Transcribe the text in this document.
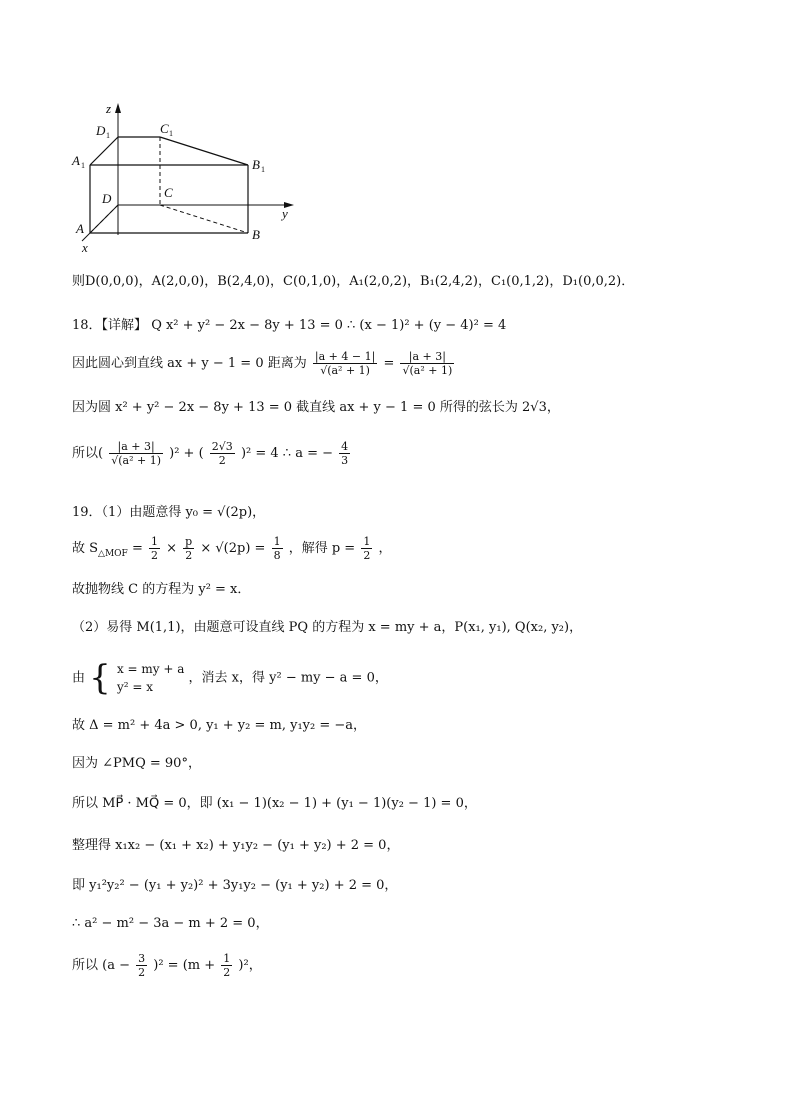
z
y
x
D 1	C 1
A 1	B 1
D	C
A	B
则D(0,0,0)，A(2,0,0)，B(2,4,0)，C(0,1,0)，A₁(2,0,2)，B₁(2,4,2)，C₁(0,1,2)，D₁(0,0,2)．
18．【详解】 Q x² + y² − 2x − 8y + 13 = 0 ∴ (x − 1)² + (y − 4)² = 4
因此圆心到直线 ax + y − 1 = 0 距离为 $\frac{|a + 4 - 1|}{\text{√(a² + 1)}} = \frac{|a + 3|}{\text{√(a² + 1)}}$
因为圆 x² + y² − 2x − 8y + 13 = 0 截直线 ax + y − 1 = 0 所得的弦长为 2√3，
所以( $\frac{|a + 3|}{\text{√(a² + 1)}} )^2$ + ( $\frac{2√3}{2} )^2 = 4$ ∴ a = − $\frac{4}{3}$
19．（1）由题意得 y₀ = √(2p)，
故 $S_{\triangle MOF} = \frac{1}{2} \times \frac{p}{2} \times √(2p) = \frac{1}{8}$ ，解得 $p = \frac{1}{2}$ ，
故抛物线 C 的方程为 y² = x．
（2）易得 M(1,1)，由题意可设直线 PQ 的方程为 x = my + a，P(x₁, y₁), Q(x₂, y₂)，
由 { x = my + a
y² = x
，消去 x，得 y² − my − a = 0，
故 Δ = m² + 4a > 0, y₁ + y₂ = m, y₁y₂ = −a，
因为 ∠PMQ = 90°，
所以 MP⃗ · MQ⃗ = 0，即 (x₁ − 1)(x₂ − 1) + (y₁ − 1)(y₂ − 1) = 0，
整理得 x₁x₂ − (x₁ + x₂) + y₁y₂ − (y₁ + y₂) + 2 = 0，
即 y₁²y₂² − (y₁ + y₂)² + 3y₁y₂ − (y₁ + y₂) + 2 = 0，
∴ a² − m² − 3a − m + 2 = 0，
所以 $(a - \frac{3}{2} )^2 = (m + \frac{1}{2} )^2$，
